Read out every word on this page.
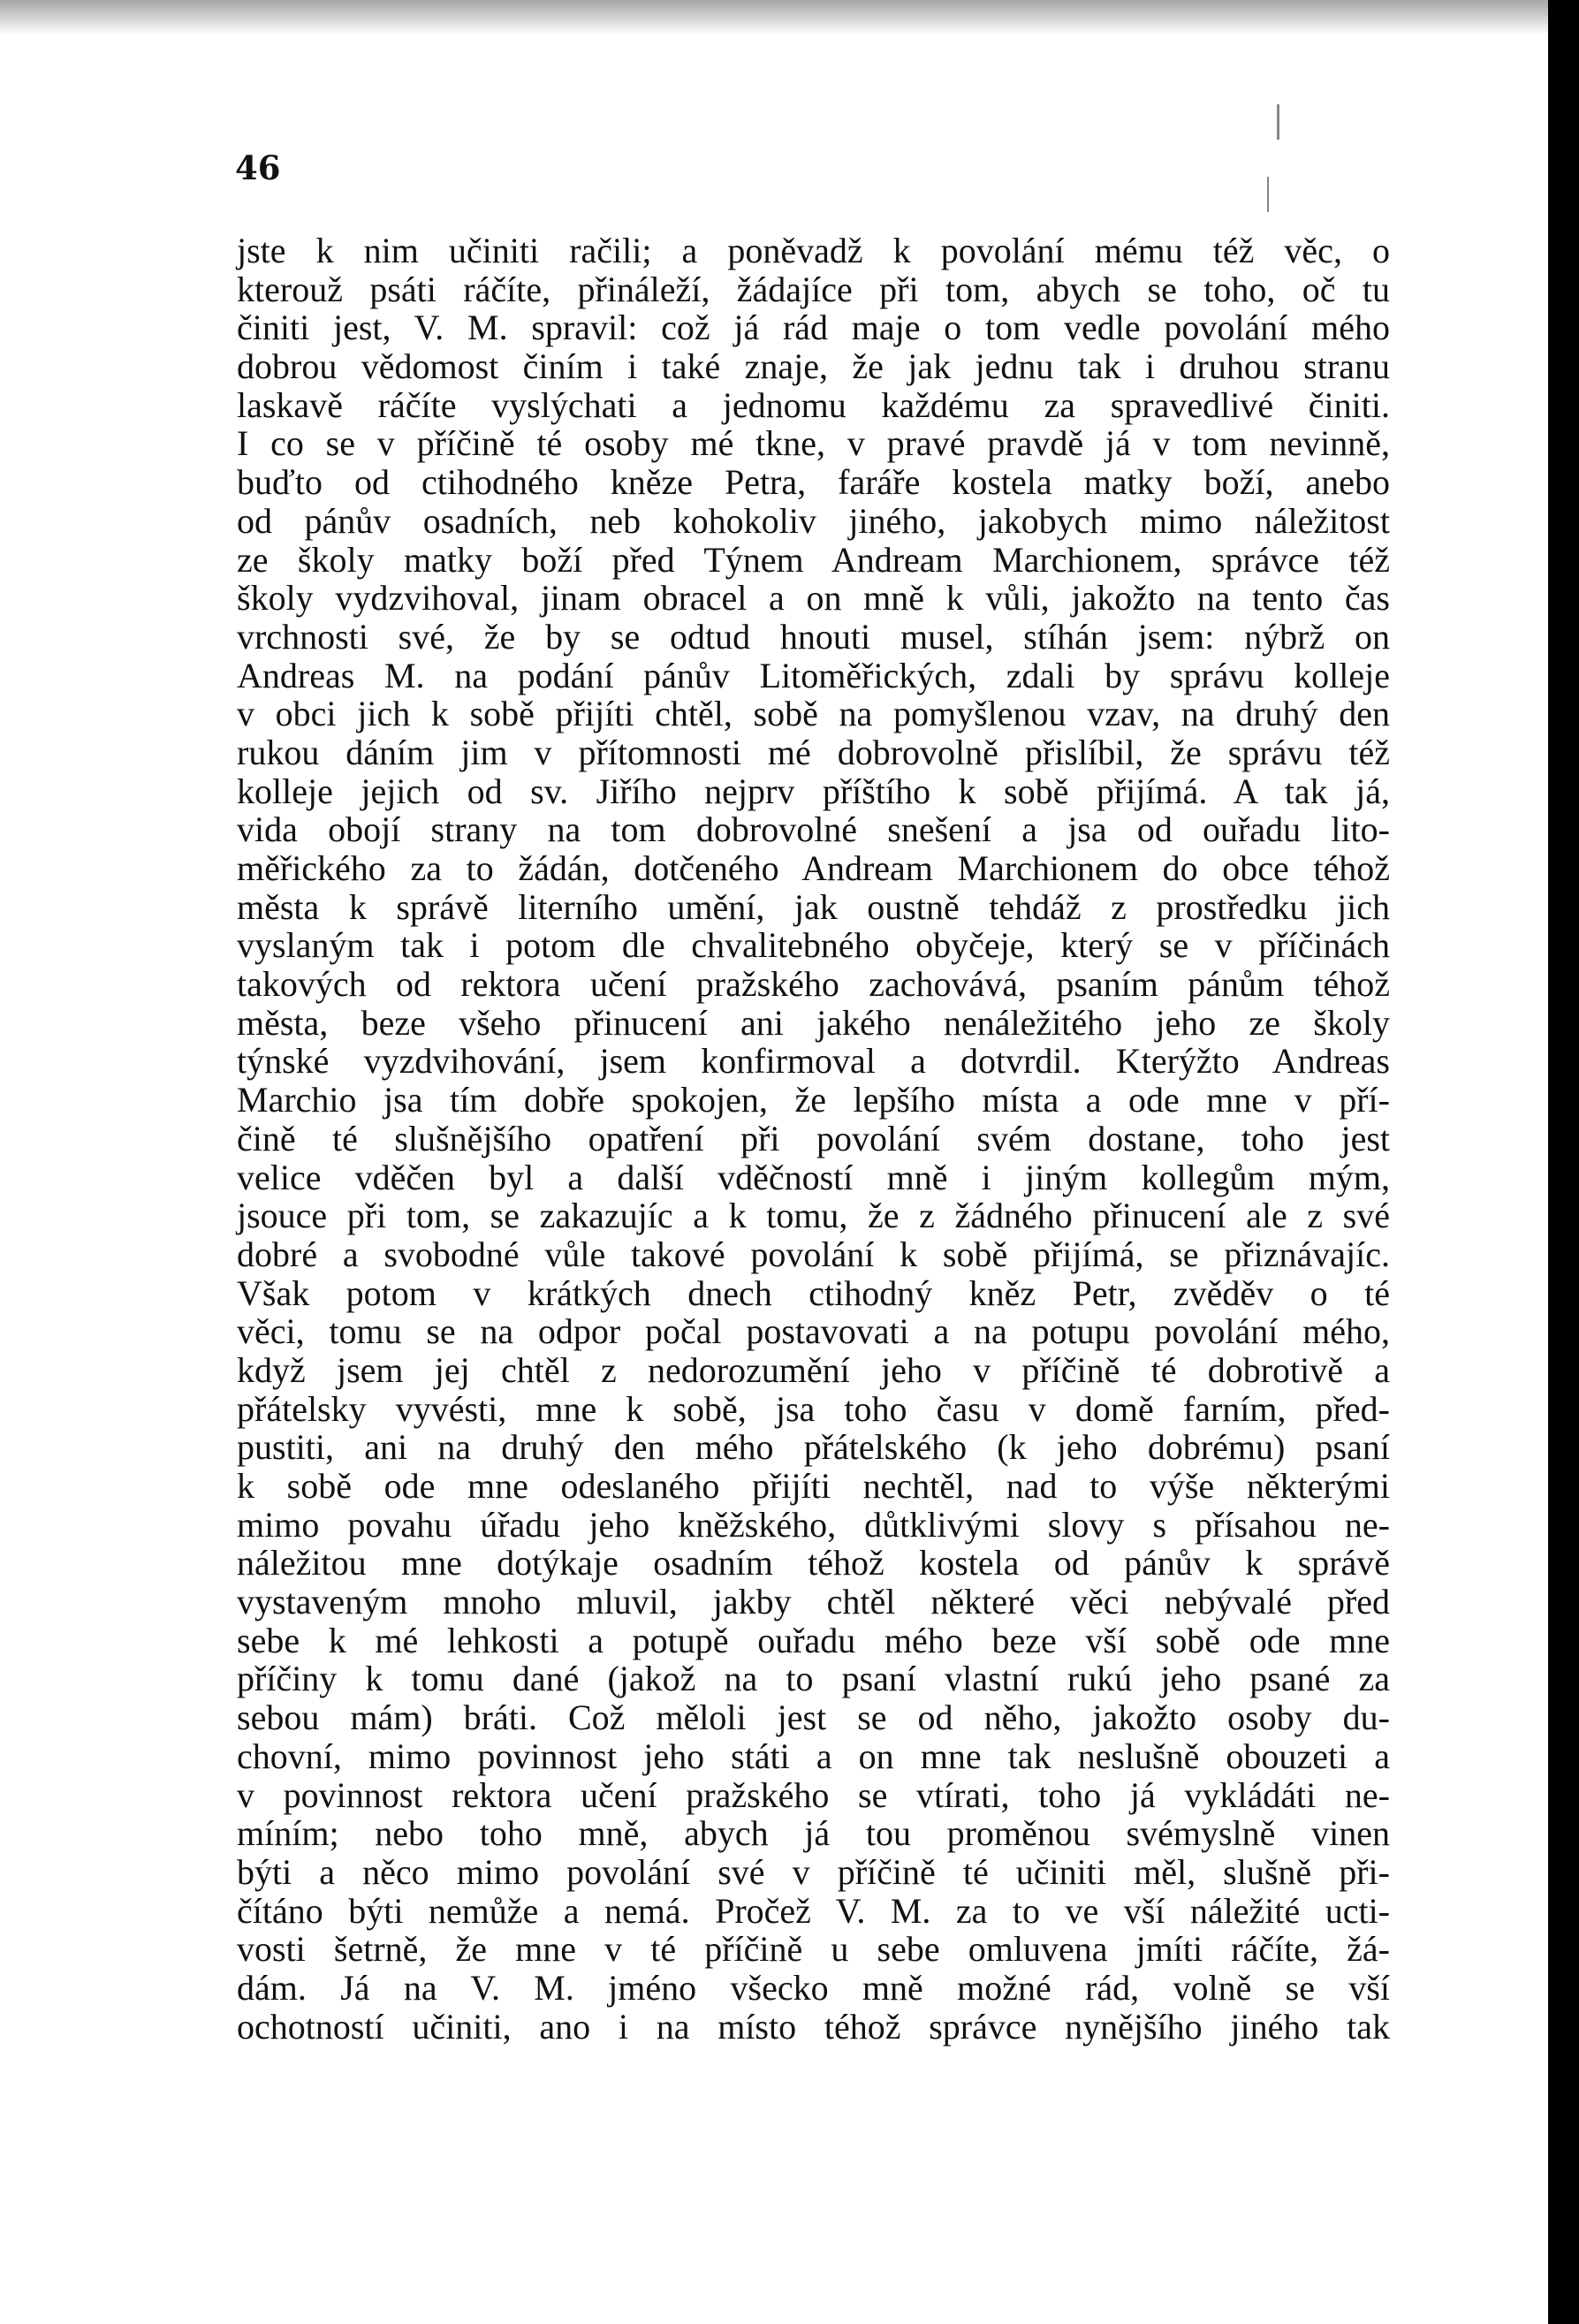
46
jste k nim učiniti račili; a poněvadž k povolání mému též věc, o
kterouž psáti ráčíte, přináleží, žádajíce při tom, abych se toho, oč tu
činiti jest, V. M. spravil: což já rád maje o tom vedle povolání mého
dobrou vědomost činím i také znaje, že jak jednu tak i druhou stranu
laskavě ráčíte vyslýchati a jednomu každému za spravedlivé činiti.
I co se v příčině té osoby mé tkne, v pravé pravdě já v tom nevinně,
buďto od ctihodného kněze Petra, faráře kostela matky boží, anebo
od pánův osadních, neb kohokoliv jiného, jakobych mimo náležitost
ze školy matky boží před Týnem Andream Marchionem, správce též
školy vydzvihoval, jinam obracel a on mně k vůli, jakožto na tento čas
vrchnosti své, že by se odtud hnouti musel, stíhán jsem: nýbrž on
Andreas M. na podání pánův Litoměřických, zdali by správu kolleje
v obci jich k sobě přijíti chtěl, sobě na pomyšlenou vzav, na druhý den
rukou dáním jim v přítomnosti mé dobrovolně přislíbil, že správu též
kolleje jejich od sv. Jiřího nejprv příštího k sobě přijímá. A tak já,
vida obojí strany na tom dobrovolné snešení a jsa od ouřadu lito-
měřického za to žádán, dotčeného Andream Marchionem do obce téhož
města k správě literního umění, jak oustně tehdáž z prostředku jich
vyslaným tak i potom dle chvalitebného obyčeje, který se v příčinách
takových od rektora učení pražského zachovává, psaním pánům téhož
města, beze všeho přinucení ani jakého nenáležitého jeho ze školy
týnské vyzdvihování, jsem konfirmoval a dotvrdil. Kterýžto Andreas
Marchio jsa tím dobře spokojen, že lepšího místa a ode mne v pří-
čině té slušnějšího opatření při povolání svém dostane, toho jest
velice vděčen byl a další vděčností mně i jiným kollegům mým,
jsouce při tom, se zakazujíc a k tomu, že z žádného přinucení ale z své
dobré a svobodné vůle takové povolání k sobě přijímá, se přiznávajíc.
Však potom v krátkých dnech ctihodný kněz Petr, zvěděv o té
věci, tomu se na odpor počal postavovati a na potupu povolání mého,
když jsem jej chtěl z nedorozumění jeho v příčině té dobrotivě a
přátelsky vyvésti, mne k sobě, jsa toho času v domě farním, před-
pustiti, ani na druhý den mého přátelského (k jeho dobrému) psaní
k sobě ode mne odeslaného přijíti nechtěl, nad to výše některými
mimo povahu úřadu jeho kněžského, důtklivými slovy s přísahou ne-
náležitou mne dotýkaje osadním téhož kostela od pánův k správě
vystaveným mnoho mluvil, jakby chtěl některé věci nebývalé před
sebe k mé lehkosti a potupě ouřadu mého beze vší sobě ode mne
příčiny k tomu dané (jakož na to psaní vlastní rukú jeho psané za
sebou mám) bráti. Což měloli jest se od něho, jakožto osoby du-
chovní, mimo povinnost jeho státi a on mne tak neslušně obouzeti a
v povinnost rektora učení pražského se vtírati, toho já vykládáti ne-
míním; nebo toho mně, abych já tou proměnou svémyslně vinen
býti a něco mimo povolání své v příčině té učiniti měl, slušně při-
čítáno býti nemůže a nemá. Pročež V. M. za to ve vší náležité ucti-
vosti šetrně, že mne v té příčině u sebe omluvena jmíti ráčíte, žá-
dám. Já na V. M. jméno všecko mně možné rád, volně se vší
ochotností učiniti, ano i na místo téhož správce nynějšího jiného tak
